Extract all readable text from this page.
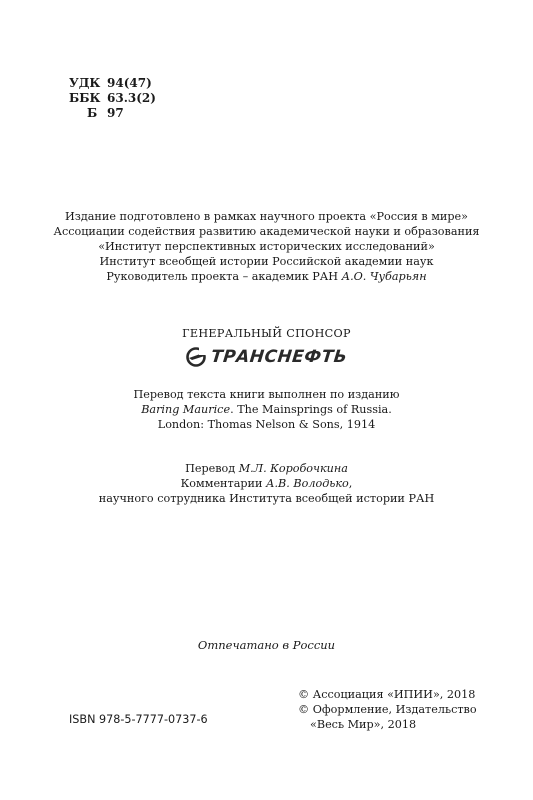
УДК 94(47)
ББК 63.3(2)
Б 97
Издание подготовлено в рамках научного проекта «Россия в мире»
Ассоциации содействия развитию академической науки и образования
«Институт перспективных исторических исследований»
Институт всеобщей истории Российской академии наук
Руководитель проекта – академик РАН А.О. Чубарьян
ГЕНЕРАЛЬНЫЙ СПОНСОР
ТРАНСНЕФТЬ
Перевод текста книги выполнен по изданию
Baring Maurice. The Mainsprings of Russia.
London: Thomas Nelson & Sons, 1914
Перевод М.Л. Коробочкина
Комментарии А.В. Володько,
научного сотрудника Института всеобщей истории РАН
Отпечатано в России
© Ассоциация «ИПИИ», 2018
© Оформление, Издательство
«Весь Мир», 2018
ISBN 978-5-7777-0737-6
